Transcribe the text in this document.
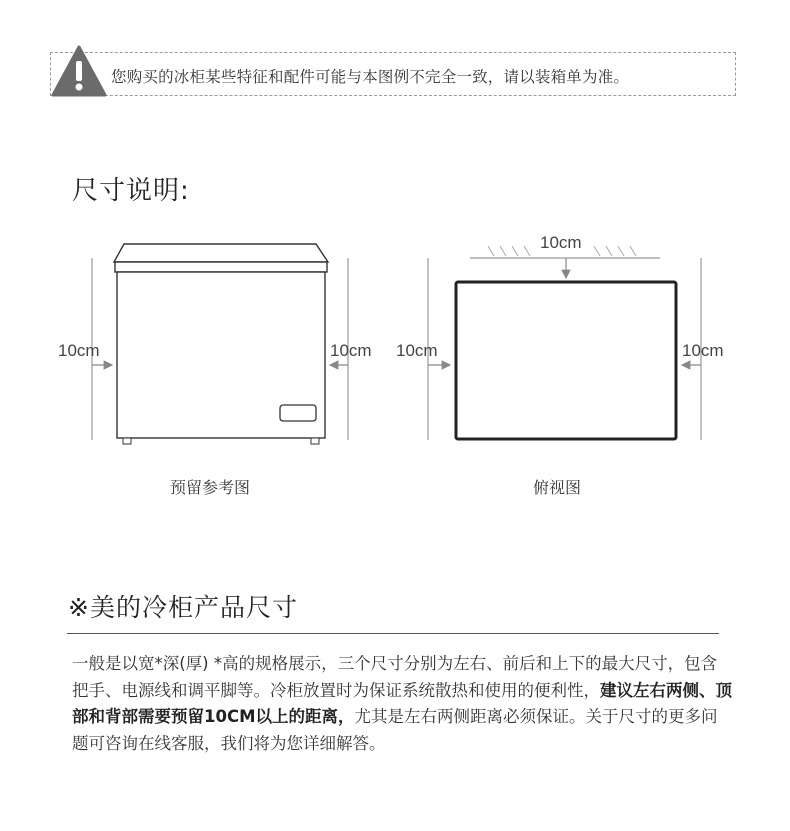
您购买的冰柜某些特征和配件可能与本图例不完全一致，请以装箱单为准。
尺寸说明:
10cm	10cm
10cm
10cm	10cm
预留参考图	俯视图
※美的冷柜产品尺寸
一般是以宽*深(厚) *高的规格展示，三个尺寸分别为左右、前后和上下的最大尺寸，包含把手、电源线和调平脚等。冷柜放置时为保证系统散热和使用的便利性，建议左右两侧、顶部和背部需要预留10CM以上的距离，尤其是左右两侧距离必须保证。关于尺寸的更多问题可咨询在线客服，我们将为您详细解答。
